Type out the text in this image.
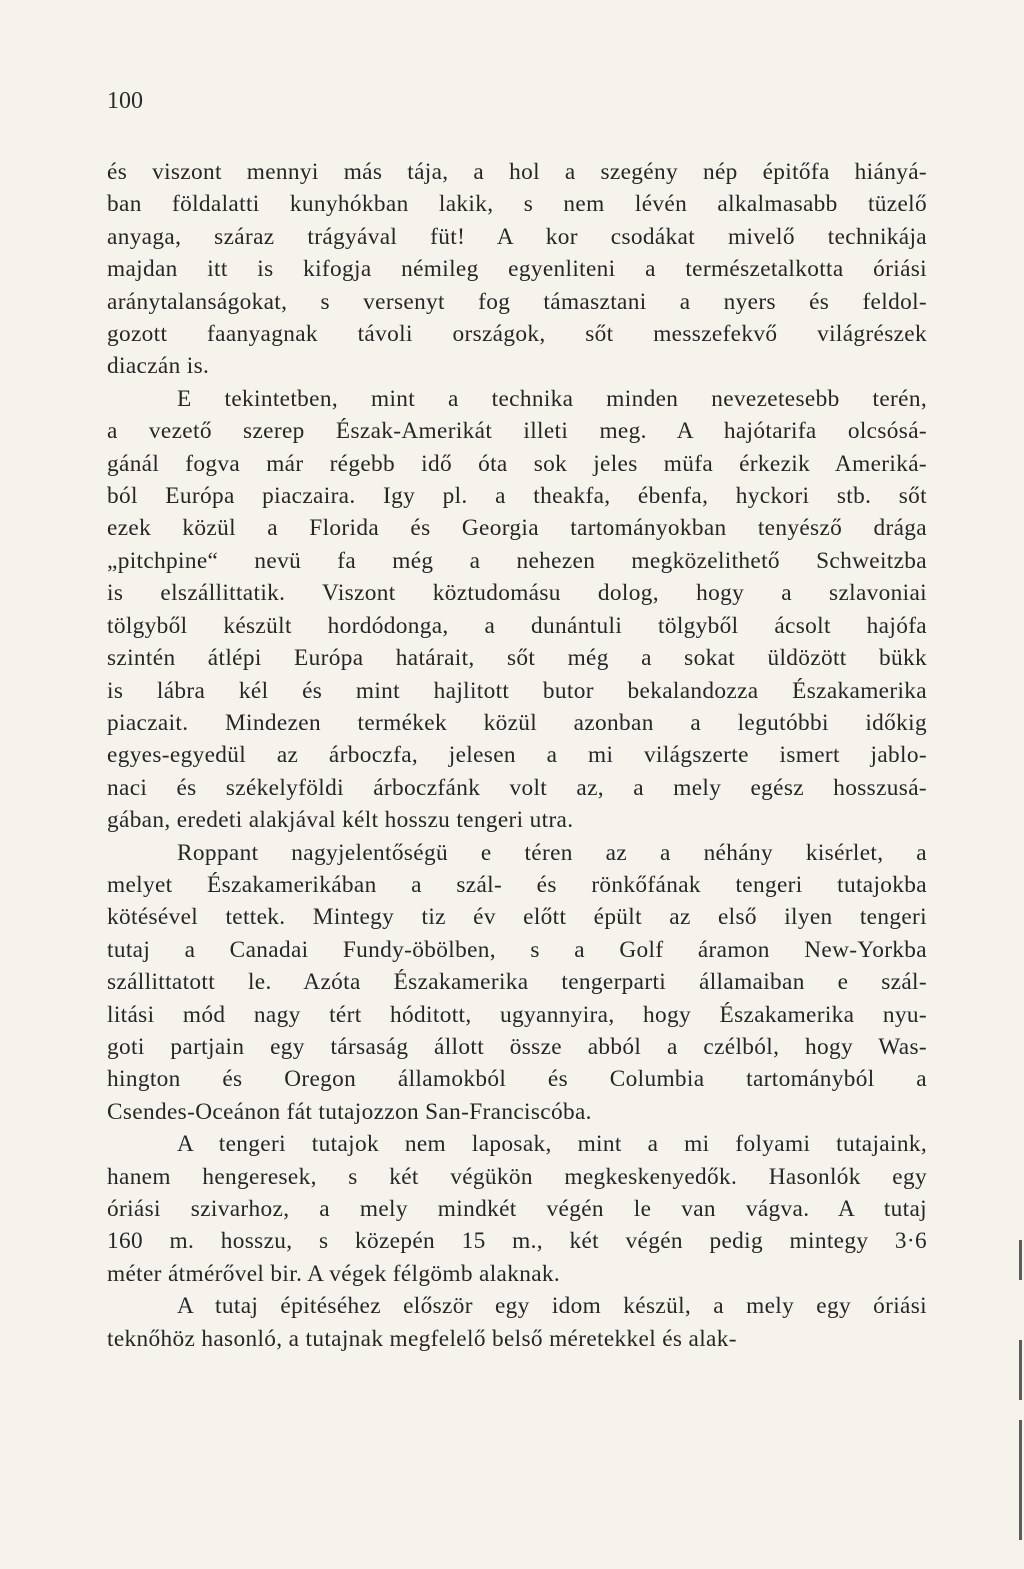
100
és viszont mennyi más tája, a hol a szegény nép épitőfa hiányá-
ban földalatti kunyhókban lakik, s nem lévén alkalmasabb tüzelő
anyaga, száraz trágyával füt! A kor csodákat mivelő technikája
majdan itt is kifogja némileg egyenliteni a természetalkotta óriási
aránytalanságokat, s versenyt fog támasztani a nyers és feldol-
gozott faanyagnak távoli országok, sőt messzefekvő világrészek
diaczán is.
E tekintetben, mint a technika minden nevezetesebb terén,
a vezető szerep Észak-Amerikát illeti meg. A hajótarifa olcsósá-
gánál fogva már régebb idő óta sok jeles müfa érkezik Ameriká-
ból Európa piaczaira. Igy pl. a theakfa, ébenfa, hyckori stb. sőt
ezek közül a Florida és Georgia tartományokban tenyésző drága
„pitchpine“ nevü fa még a nehezen megközelithető Schweitzba
is elszállittatik. Viszont köztudomásu dolog, hogy a szlavoniai
tölgyből készült hordódonga, a dunántuli tölgyből ácsolt hajófa
szintén átlépi Európa határait, sőt még a sokat üldözött bükk
is lábra kél és mint hajlitott butor bekalandozza Északamerika
piaczait. Mindezen termékek közül azonban a legutóbbi időkig
egyes-egyedül az árboczfa, jelesen a mi világszerte ismert jablo-
naci és székelyföldi árboczfánk volt az, a mely egész hosszusá-
gában, eredeti alakjával kélt hosszu tengeri utra.
Roppant nagyjelentőségü e téren az a néhány kisérlet, a
melyet Északamerikában a szál- és rönkőfának tengeri tutajokba
kötésével tettek. Mintegy tiz év előtt épült az első ilyen tengeri
tutaj a Canadai Fundy-öbölben, s a Golf áramon New-Yorkba
szállittatott le. Azóta Északamerika tengerparti államaiban e szál-
litási mód nagy tért hóditott, ugyannyira, hogy Északamerika nyu-
goti partjain egy társaság állott össze abból a czélból, hogy Was-
hington és Oregon államokból és Columbia tartományból a
Csendes-Oceánon fát tutajozzon San-Franciscóba.
A tengeri tutajok nem laposak, mint a mi folyami tutajaink,
hanem hengeresek, s két végükön megkeskenyedők. Hasonlók egy
óriási szivarhoz, a mely mindkét végén le van vágva. A tutaj
160 m. hosszu, s közepén 15 m., két végén pedig mintegy 3·6
méter átmérővel bir. A végek félgömb alaknak.
A tutaj épitéséhez először egy idom készül, a mely egy óriási
teknőhöz hasonló, a tutajnak megfelelő belső méretekkel és alak-
